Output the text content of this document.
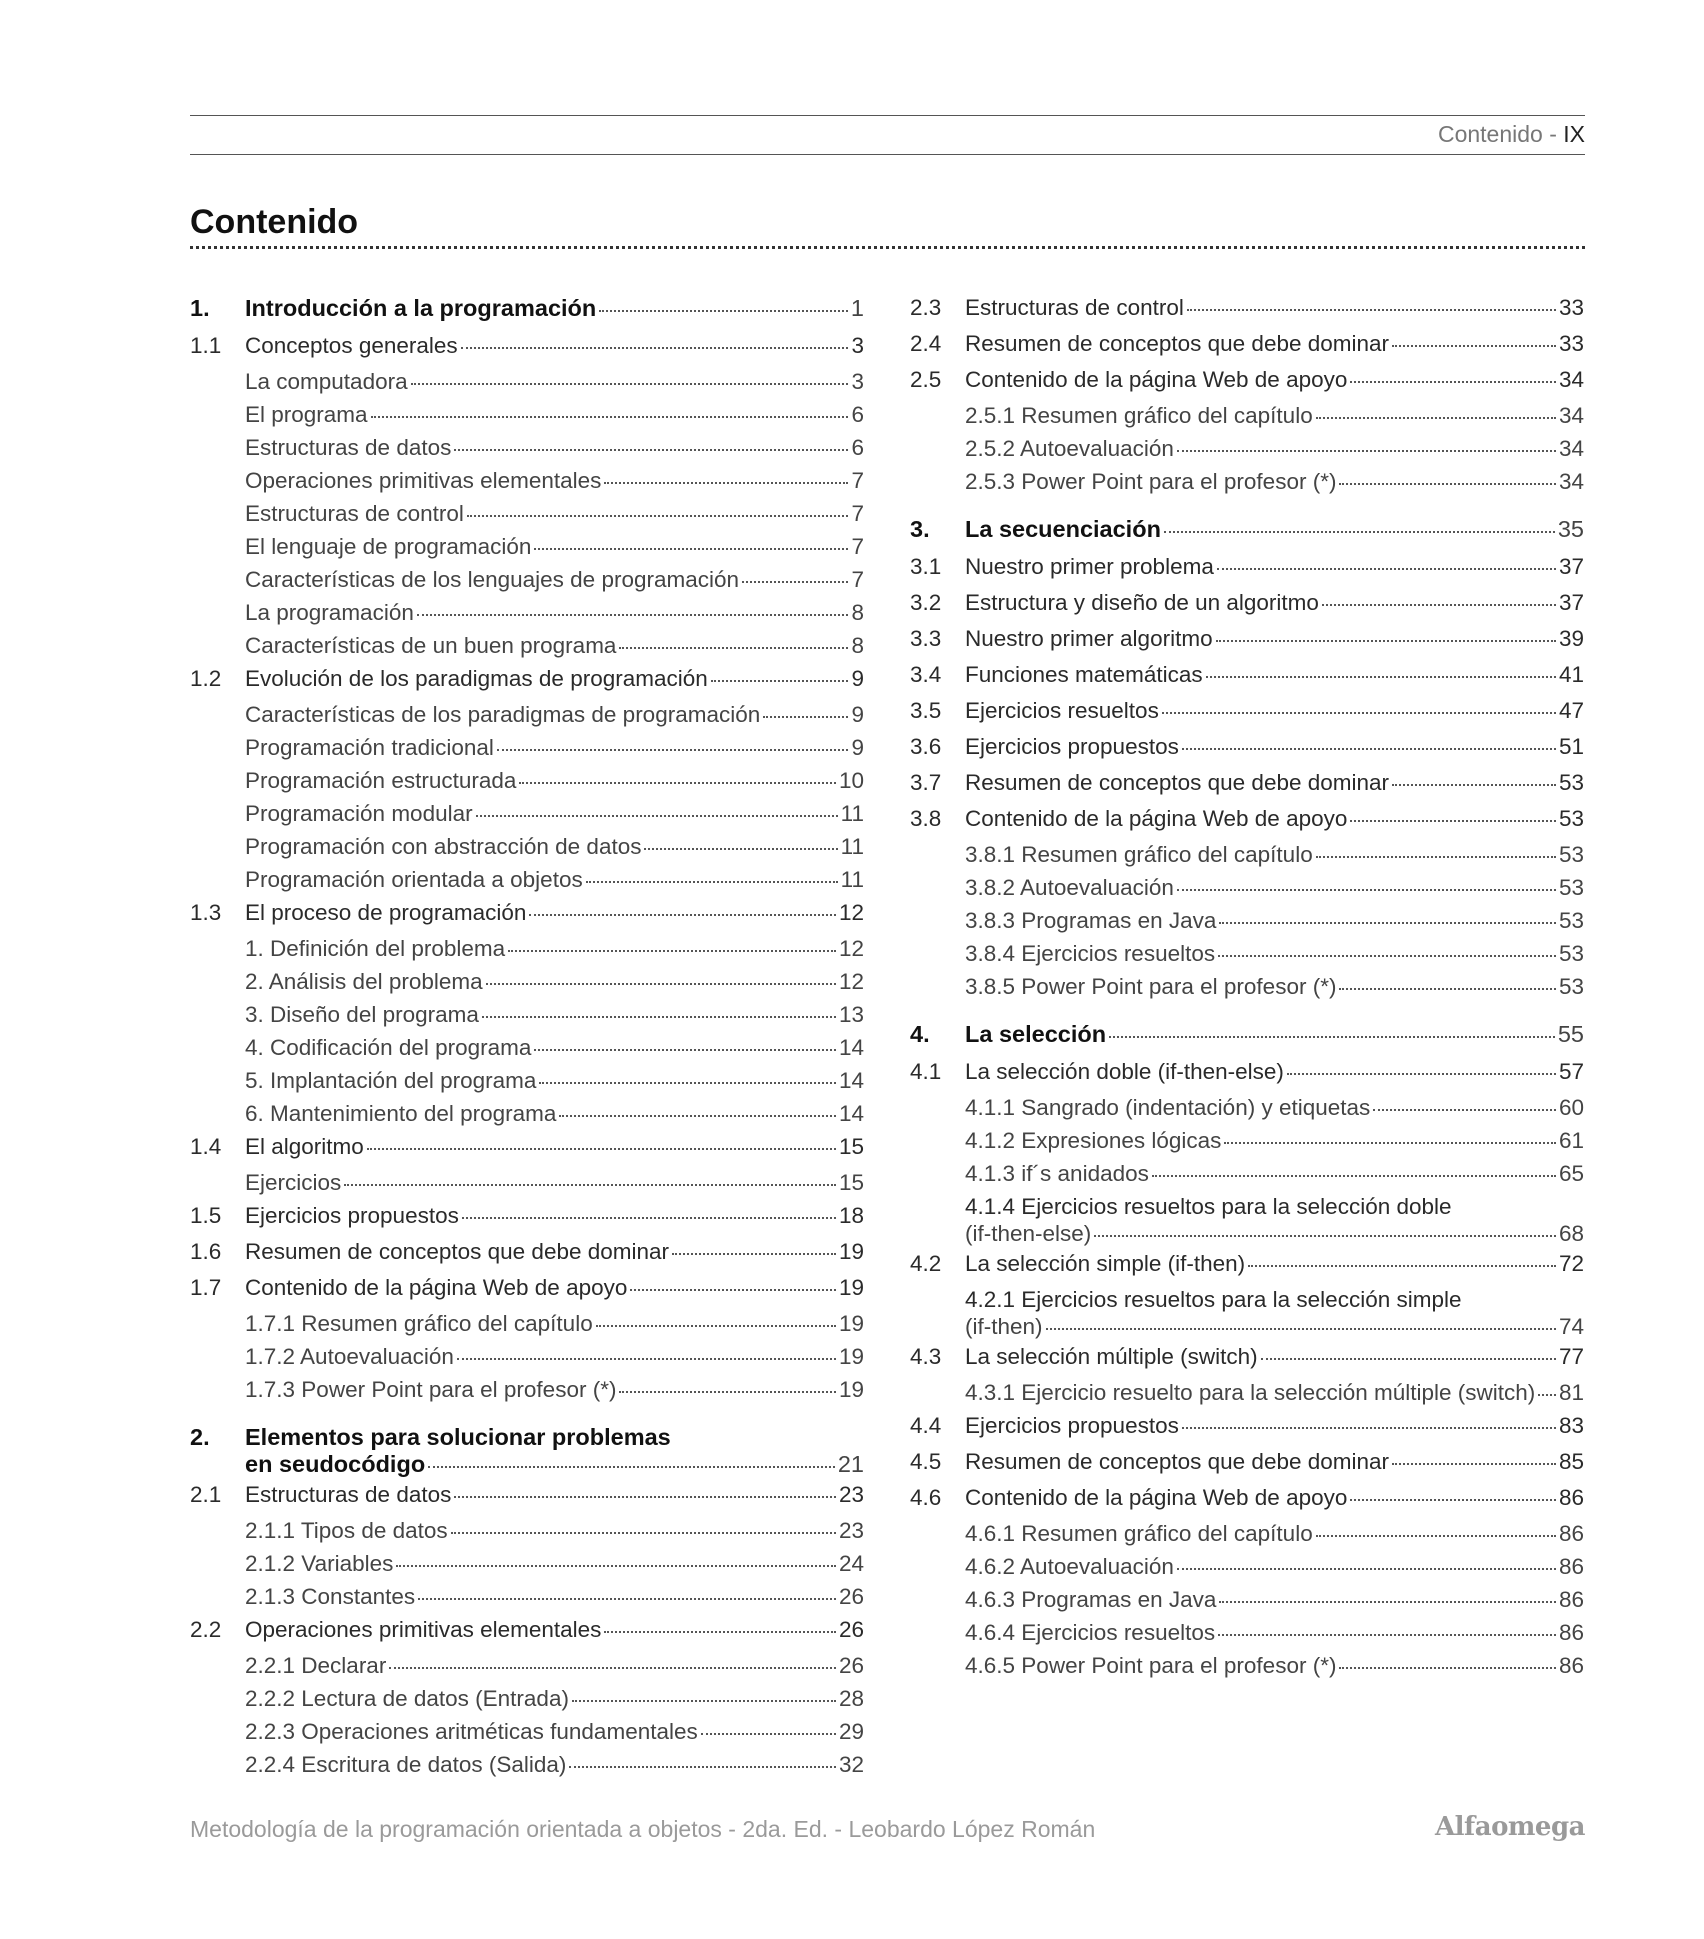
Contenido - IX
Contenido
1.	Introducción a la programación	1
1.1	Conceptos generales	3
La computadora	3
El programa	6
Estructuras de datos	6
Operaciones primitivas elementales	7
Estructuras de control	7
El lenguaje de programación	7
Características de los lenguajes de programación	7
La programación	8
Características de un buen programa	8
1.2	Evolución de los paradigmas de programación	9
Características de los paradigmas de programación	9
Programación tradicional	9
Programación estructurada	10
Programación modular	11
Programación con abstracción de datos	11
Programación orientada a objetos	11
1.3	El proceso de programación	12
1. Definición del problema	12
2. Análisis del problema	12
3. Diseño del programa	13
4. Codificación del programa	14
5. Implantación del programa	14
6. Mantenimiento del programa	14
1.4	El algoritmo	15
Ejercicios	15
1.5	Ejercicios propuestos	18
1.6	Resumen de conceptos que debe dominar	19
1.7	Contenido de la página Web de apoyo	19
1.7.1 Resumen gráfico del capítulo	19
1.7.2 Autoevaluación	19
1.7.3 Power Point para el profesor (*)	19
2.	Elementos para solucionar problemas
en seudocódigo	21
2.1	Estructuras de datos	23
2.1.1 Tipos de datos	23
2.1.2 Variables	24
2.1.3 Constantes	26
2.2	Operaciones primitivas elementales	26
2.2.1 Declarar	26
2.2.2 Lectura de datos (Entrada)	28
2.2.3 Operaciones aritméticas fundamentales	29
2.2.4 Escritura de datos (Salida)	32
2.3	Estructuras de control	33
2.4	Resumen de conceptos que debe dominar	33
2.5	Contenido de la página Web de apoyo	34
2.5.1 Resumen gráfico del capítulo	34
2.5.2 Autoevaluación	34
2.5.3 Power Point para el profesor (*)	34
3.	La secuenciación	35
3.1	Nuestro primer problema	37
3.2	Estructura y diseño de un algoritmo	37
3.3	Nuestro primer algoritmo	39
3.4	Funciones matemáticas	41
3.5	Ejercicios resueltos	47
3.6	Ejercicios propuestos	51
3.7	Resumen de conceptos que debe dominar	53
3.8	Contenido de la página Web de apoyo	53
3.8.1 Resumen gráfico del capítulo	53
3.8.2 Autoevaluación	53
3.8.3 Programas en Java	53
3.8.4 Ejercicios resueltos	53
3.8.5 Power Point para el profesor (*)	53
4.	La selección	55
4.1	La selección doble (if-then-else)	57
4.1.1 Sangrado (indentación) y etiquetas	60
4.1.2 Expresiones lógicas	61
4.1.3 if´s anidados	65
4.1.4 Ejercicios resueltos para la selección doble
(if-then-else)	68
4.2	La selección simple (if-then)	72
4.2.1 Ejercicios resueltos para la selección simple
(if-then)	74
4.3	La selección múltiple (switch)	77
4.3.1 Ejercicio resuelto para la selección múltiple (switch) 81
4.4	Ejercicios propuestos	83
4.5	Resumen de conceptos que debe dominar	85
4.6	Contenido de la página Web de apoyo	86
4.6.1 Resumen gráfico del capítulo	86
4.6.2 Autoevaluación	86
4.6.3 Programas en Java	86
4.6.4 Ejercicios resueltos	86
4.6.5 Power Point para el profesor (*)	86
Metodología de la programación orientada a objetos - 2da. Ed. - Leobardo López Román	Alfaomega
